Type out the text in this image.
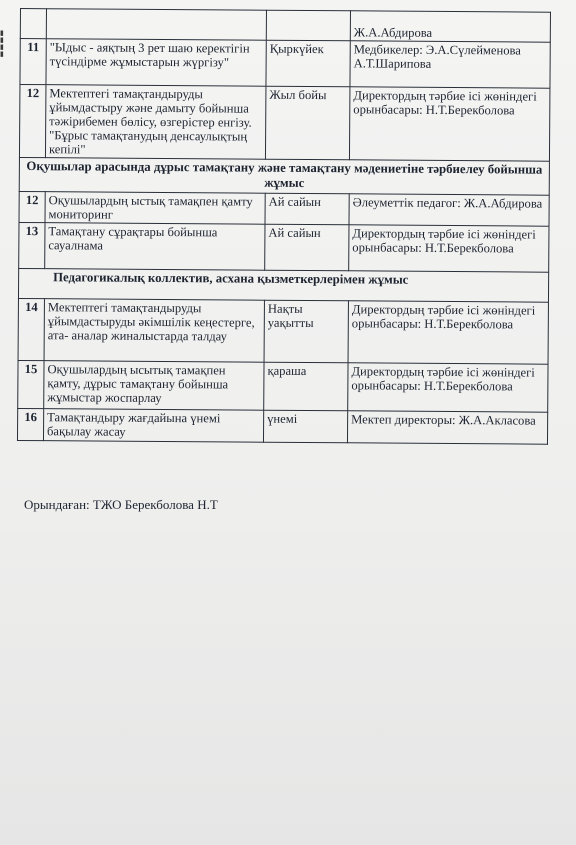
▮
▮
▮
▮
			Ж.А.Абдирова
11	"Ыдыс - аяқтың 3 рет шаю керектігін түсіндірме жұмыстарын жүргізу"	Қыркүйек	Медбикелер: Э.А.Сүлейменова А.Т.Шарипова
12	Мектептегі тамақтандыруды ұйымдастыру және дамыту бойынша тәжірибемен бөлісу, өзгерістер енгізу. "Бұрыс тамақтанудың денсаулықтың кепілі"	Жыл бойы	Директордың тәрбие ісі жөніндегі орынбасары: Н.Т.Берекболова
Оқушылар арасында дұрыс тамақтану және тамақтану мәдениетіне тәрбиелеу бойынша жұмыс			
12	Оқушылардың ыстық тамақпен қамту мониторинг	Ай сайын	Әлеуметтік педагог: Ж.А.Абдирова
13	Тамақтану сұрақтары бойынша сауалнама	Ай сайын	Директордың тәрбие ісі жөніндегі орынбасары: Н.Т.Берекболова
Педагогикалық коллектив, асхана қызметкерлерімен жұмыс			
14	Мектептегі тамақтандыруды ұйымдастыруды әкімшілік кеңестерге, ата- аналар жиналыстарда талдау	Нақты уақытты	Директордың тәрбие ісі жөніндегі орынбасары: Н.Т.Берекболова
15	Оқушылардың ысытық тамақпен қамту, дұрыс тамақтану бойынша жұмыстар жоспарлау	қараша	Директордың тәрбие ісі жөніндегі орынбасары: Н.Т.Берекболова
16	Тамақтандыру жағдайына үнемі бақылау жасау	үнемі	Мектеп директоры: Ж.А.Акласова
Орындаған: ТЖО Берекболова Н.Т
